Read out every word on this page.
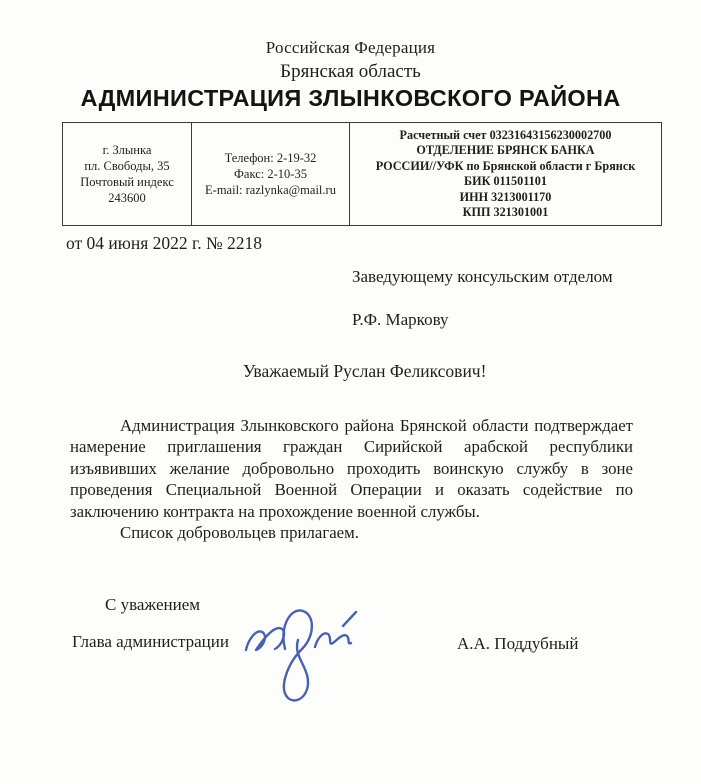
Российская Федерация
Брянская область
АДМИНИСТРАЦИЯ ЗЛЫНКОВСКОГО РАЙОНА
г. Злынка
пл. Свободы, 35
Почтовый индекс 243600
Телефон: 2-19-32
Факс: 2-10-35
E-mail: razlynka@mail.ru
Расчетный счет 03231643156230002700
ОТДЕЛЕНИЕ БРЯНСК БАНКА
РОССИИ//УФК по Брянской области г Брянск
БИК 011501101
ИНН 3213001170
КПП 321301001
от 04 июня 2022 г. № 2218
Заведующему консульским отделом
Р.Ф. Маркову
Уважаемый Руслан Феликсович!

Администрация Злынковского района Брянской области подтверждает намерение приглашения граждан Сирийской арабской республики изъявивших желание добровольно проходить воинскую службу в зоне проведения Специальной Военной Операции и оказать содействие по заключению контракта на прохождение военной службы.

Список добровольцев прилагаем.

С уважением
Глава администрации	А.А. Поддубный
